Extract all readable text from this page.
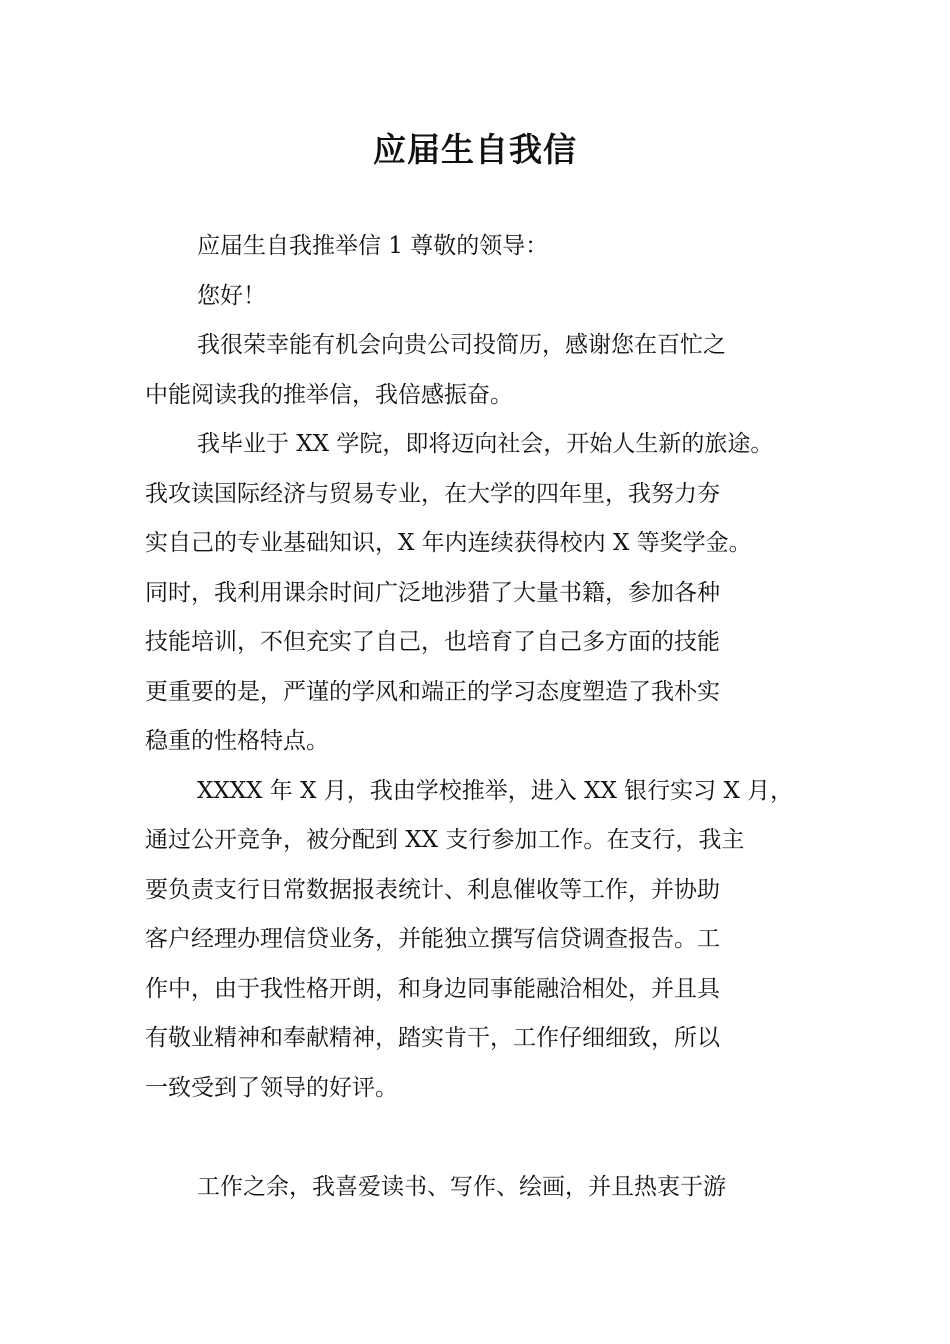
应届生自我信
应届生自我推举信 1 尊敬的领导：
您好！
我很荣幸能有机会向贵公司投简历，感谢您在百忙之
中能阅读我的推举信，我倍感振奋。
我毕业于 XX 学院，即将迈向社会，开始人生新的旅途。
我攻读国际经济与贸易专业，在大学的四年里，我努力夯
实自己的专业基础知识，X 年内连续获得校内 X 等奖学金。
同时，我利用课余时间广泛地涉猎了大量书籍，参加各种
技能培训，不但充实了自己，也培育了自己多方面的技能
更重要的是，严谨的学风和端正的学习态度塑造了我朴实
稳重的性格特点。
XXXX 年 X 月，我由学校推举，进入 XX 银行实习 X 月，
通过公开竞争，被分配到 XX 支行参加工作。在支行，我主
要负责支行日常数据报表统计、利息催收等工作，并协助
客户经理办理信贷业务，并能独立撰写信贷调查报告。工
作中，由于我性格开朗，和身边同事能融洽相处，并且具
有敬业精神和奉献精神，踏实肯干，工作仔细细致，所以
一致受到了领导的好评。
工作之余，我喜爱读书、写作、绘画，并且热衷于游
